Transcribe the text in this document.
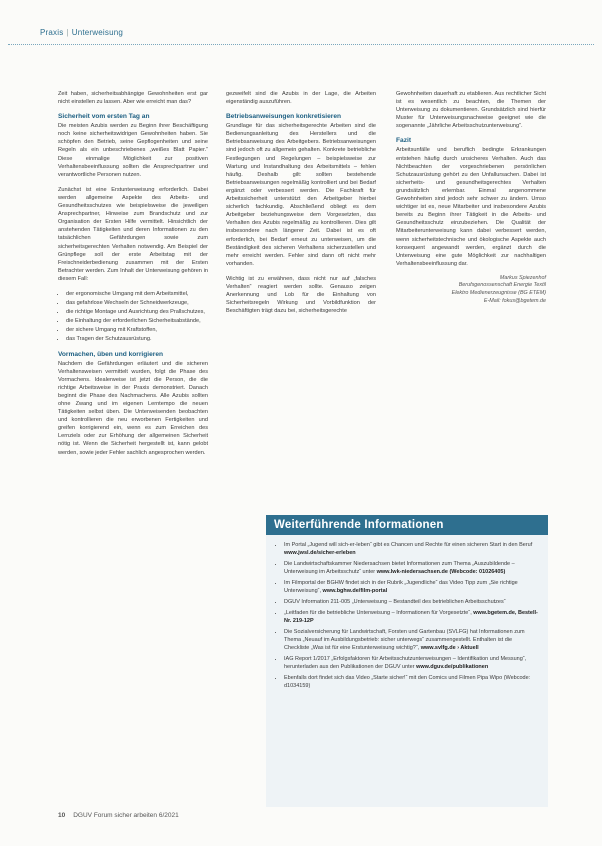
Praxis | Unterweisung

Zeit haben, sicherheitsabhängige Gewohnheiten erst gar nicht einstellen zu lassen. Aber wie erreicht man das?

Sicherheit vom ersten Tag an

Die meisten Azubis werden zu Beginn ihrer Beschäftigung noch keine sicherheitswidrigen Gewohnheiten haben. Sie schöpfen den Betrieb, seine Gepflogenheiten und seine Regeln als ein unbeschriebenes „weißes Blatt Papier.“ Diese einmalige Möglichkeit zur positiven Verhaltensbeeinflussung sollten die Ansprechpartner und verantwortliche Personen nutzen.

Zunächst ist eine Erstunterweisung erforderlich. Dabei werden allgemeine Aspekte des Arbeits- und Gesundheitsschutzes wie beispielsweise die jeweiligen Ansprechpartner, Hinweise zum Brandschutz und zur Organisation der Ersten Hilfe vermittelt. Hinsichtlich der anstehenden Tätigkeiten und deren Informationen zu den tatsächlichen Gefährdungen sowie zum sicherheitsgerechten Verhalten notwendig. Am Beispiel der Grünpflege soll der erste Arbeitstag mit der Freischneiderbedienung zusammen mit der Ersten Betrachter werden. Zum Inhalt der Unterweisung gehören in diesem Fall:

• der ergonomische Umgang mit dem Arbeitsmittel,
• das gefahrlose Wechseln der Schneidwerkzeuge,
• die richtige Montage und Ausrichtung des Prallschutzes,
• die Einhaltung der erforderlichen Sicherheitsabstände,
• der sichere Umgang mit Kraftstoffen,
• das Tragen der Schutzausrüstung.
Vormachen, üben und korrigieren

Nachdem die Gefährdungen erläutert und die sicheren Verhaltensweisen vermittelt wurden, folgt die Phase des Vormachens. Idealerweise ist jetzt die Person, die die richtige Arbeitsweise in der Praxis demonstriert. Danach beginnt die Phase des Nachmachens. Alle Azubis sollten ohne Zwang und im eigenen Lerntempo die neuen Tätigkeiten selbst üben. Die Unterweisenden beobachten und kontrollieren die neu erworbenen Fertigkeiten und greifen korrigierend ein, wenn es zum Erreichen des Lernziels oder zur Erhöhung der allgemeinen Sicherheit nötig ist. Wenn die Sicherheit hergestellt ist, kann gelobt werden, sowie jeder Fehler sachlich angesprochen werden.

gezweifelt sind die Azubis in der Lage, die Arbeiten eigenständig auszuführen.

Betriebsanweisungen konkretisieren

Grundlage für das sicherheitsgerechte Arbeiten sind die Bedienungsanleitung des Herstellers und die Betriebsanweisung des Arbeitgebers. Betriebsanweisungen sind jedoch oft zu allgemein gehalten. Konkrete betriebliche Festlegungen und Regelungen – beispielsweise zur Wartung und Instandhaltung des Arbeitsmittels – fehlen häufig. Deshalb gilt: sollten bestehende Betriebsanweisungen regelmäßig kontrolliert und bei Bedarf ergänzt oder verbessert werden. Die Fachkraft für Arbeitssicherheit unterstützt den Arbeitgeber hierbei sicherlich fachkundig. Abschließend obliegt es dem Arbeitgeber beziehungsweise dem Vorgesetzten, das Verhalten des Azubis regelmäßig zu kontrollieren. Dies gilt insbesondere nach längerer Zeit. Dabei ist es oft erforderlich, bei Bedarf erneut zu unterweisen, um die Beständigkeit des sicheren Verhaltens sicherzustellen und mehr erreicht werden. Fehler sind dann oft nicht mehr vorhanden.

Wichtig ist zu erwähnen, dass nicht nur auf „falsches Verhalten“ reagiert werden sollte. Genauso zeigen Anerkennung und Lob für die Einhaltung von Sicherheitsregeln Wirkung und Vorbildfunktion der Beschäftigten trägt dazu bei, sicherheitsgerechte

Gewohnheiten dauerhaft zu etablieren. Aus rechtlicher Sicht ist es wesentlich zu beachten, die Themen der Unterweisung zu dokumentieren. Grundsätzlich sind hierfür Muster für Unterweisungsnachweise geeignet wie die sogenannte „Jährliche Arbeitsschutzunterweisung“.

Fazit

Arbeitsunfälle und beruflich bedingte Erkrankungen entstehen häufig durch unsicheres Verhalten. Auch das Nichtbeachten der vorgeschriebenen persönlichen Schutzausrüstung gehört zu den Unfallursachen. Dabei ist sicherheits- und gesundheitsgerechtes Verhalten grundsätzlich erlernbar. Einmal angenommene Gewohnheiten sind jedoch sehr schwer zu ändern. Umso wichtiger ist es, neue Mitarbeiter und insbesondere Azubis bereits zu Beginn ihrer Tätigkeit in die Arbeits- und Gesundheitsschutz einzubeziehen. Die Qualität der Mitarbeiterunterweisung kann dabei verbessert werden, wenn sicherheitstechnische und ökologische Aspekte auch konsequent angewandt werden, ergänzt durch die Unterweisung eine gute Möglichkeit zur nachhaltigen Verhaltensbeeinflussung dar.

Markus Spiezenhof
Berufsgenossenschaft Energie Textil
Elektro Medienerzeugnisse (BG ETEM)
E-Mail: fokus@bgetem.de
Weiterführende Informationen
• Im Portal „Jugend will sich-er-leben“ gibt es Chancen und Rechte für einen sicheren Start in den Beruf www.jwsl.de/sicher-erleben
• Die Landwirtschaftskammer Niedersachsen bietet Informationen zum Thema „Auszubildende – Unterweisung im Arbeitsschutz“ unter www.lwk-niedersachsen.de (Webcode: 01026405)
• Im Filmportal der BGHW findet sich in der Rubrik „Jugendliche“ das Video Tipp zum „Sie richtige Unterweisung“, www.bghw.de/film-portal
• DGUV Information 211-005 „Unterweisung – Bestandteil des betrieblichen Arbeitsschutzes“
• „Leitfaden für die betriebliche Unterweisung – Informationen für Vorgesetzte“, www.bgetem.de, Bestell-Nr. 219-12P
• Die Sozialversicherung für Landwirtschaft, Forsten und Gartenbau (SVLFG) hat Informationen zum Thema „Neuauf im Ausbildungsbetrieb: sicher unterwegs“ zusammengestellt. Enthalten ist die Checkliste „Was ist für eine Erstunterweisung wichtig?“, www.svlfg.de › Aktuell
• IAG Report 1/2017 „Erfolgsfaktoren für Arbeitsschutzunterweisungen – Identifikation und Messung“, herunterladen aus den Publikationen der DGUV unter www.dguv.de/publikationen
• Ebenfalls dort findet sich das Video „Starte sicher!“ mit den Comics und Filmen Pipa Wipo (Webcode: d1034159)
10 DGUV Forum sicher arbeiten 6/2021
